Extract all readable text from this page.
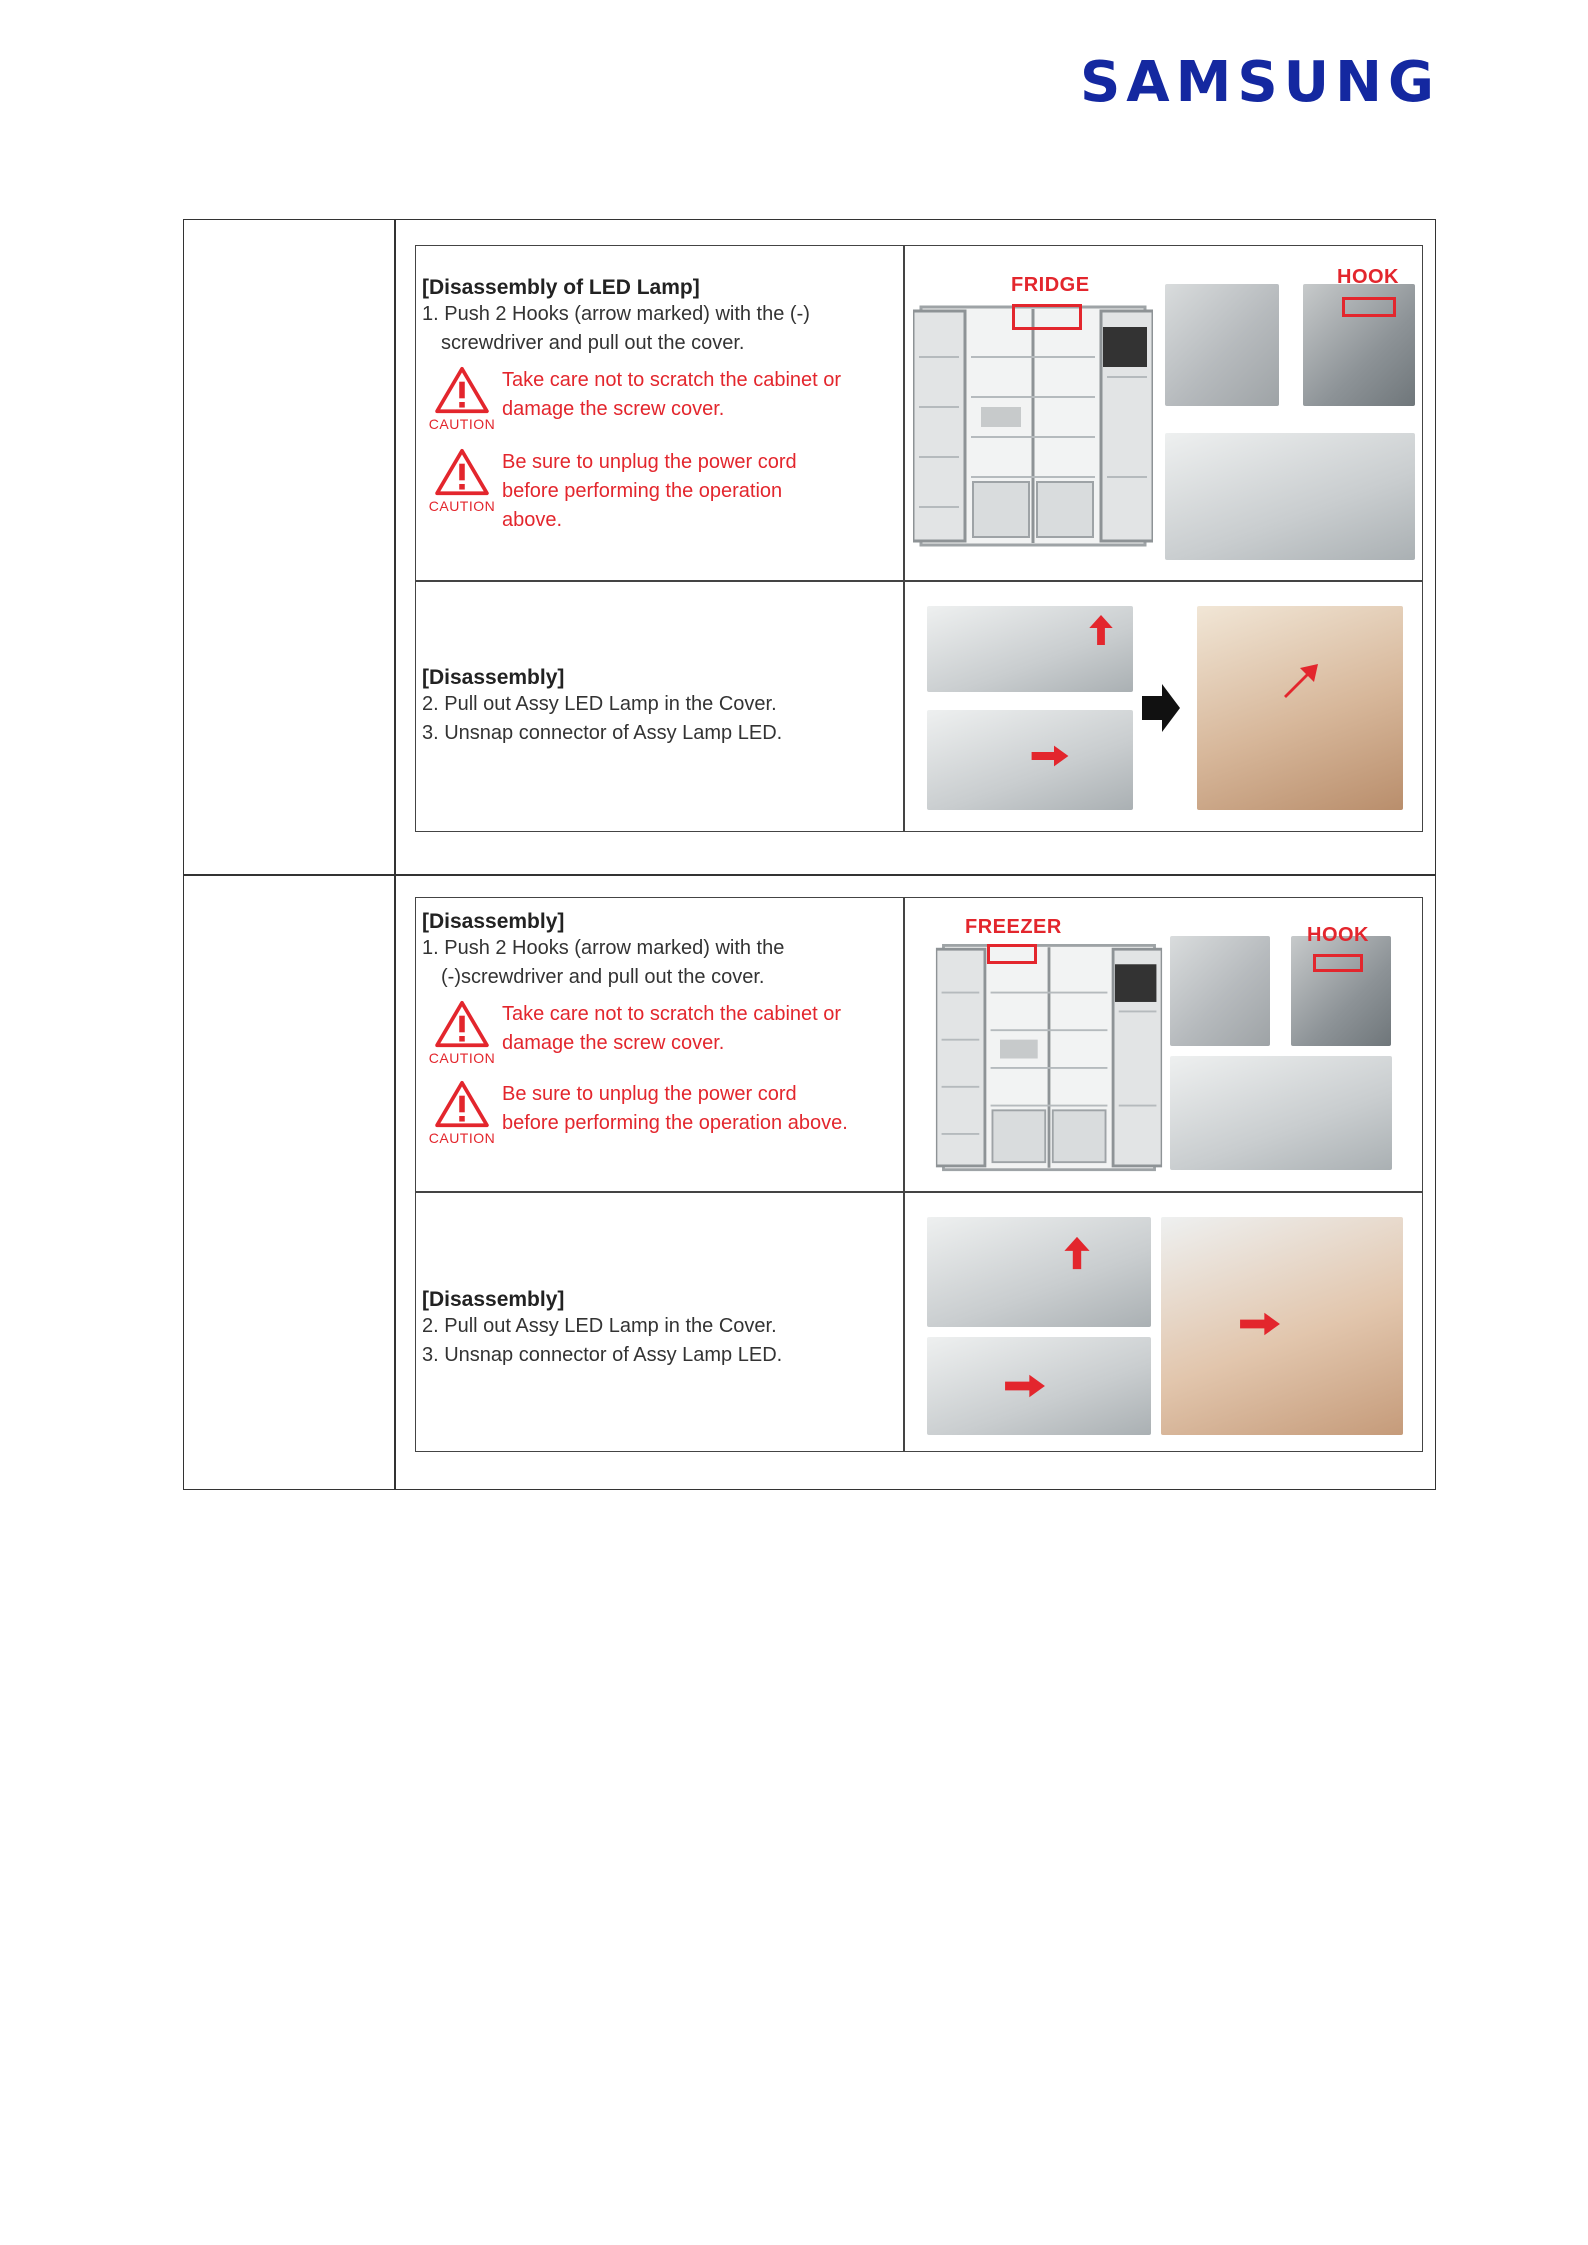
SAMSUNG
[Disassembly of LED Lamp]
1. Push 2 Hooks (arrow marked) with the (-)
screwdriver and pull out the cover.
CAUTION
Take care not to scratch the cabinet or
damage the screw cover.
CAUTION
Be sure to unplug the power cord
before performing the operation
above.
FRIDGE	HOOK
[Disassembly]
2. Pull out Assy LED Lamp in the Cover.
3. Unsnap connector of Assy Lamp LED.
[Disassembly]
1. Push 2 Hooks (arrow marked) with the
(-)screwdriver and pull out the cover.
CAUTION
Take care not to scratch the cabinet or
damage the screw cover.
CAUTION
Be sure to unplug the power cord
before performing the operation above.
FREEZER	HOOK
[Disassembly]
2. Pull out Assy LED Lamp in the Cover.
3. Unsnap connector of Assy Lamp LED.
